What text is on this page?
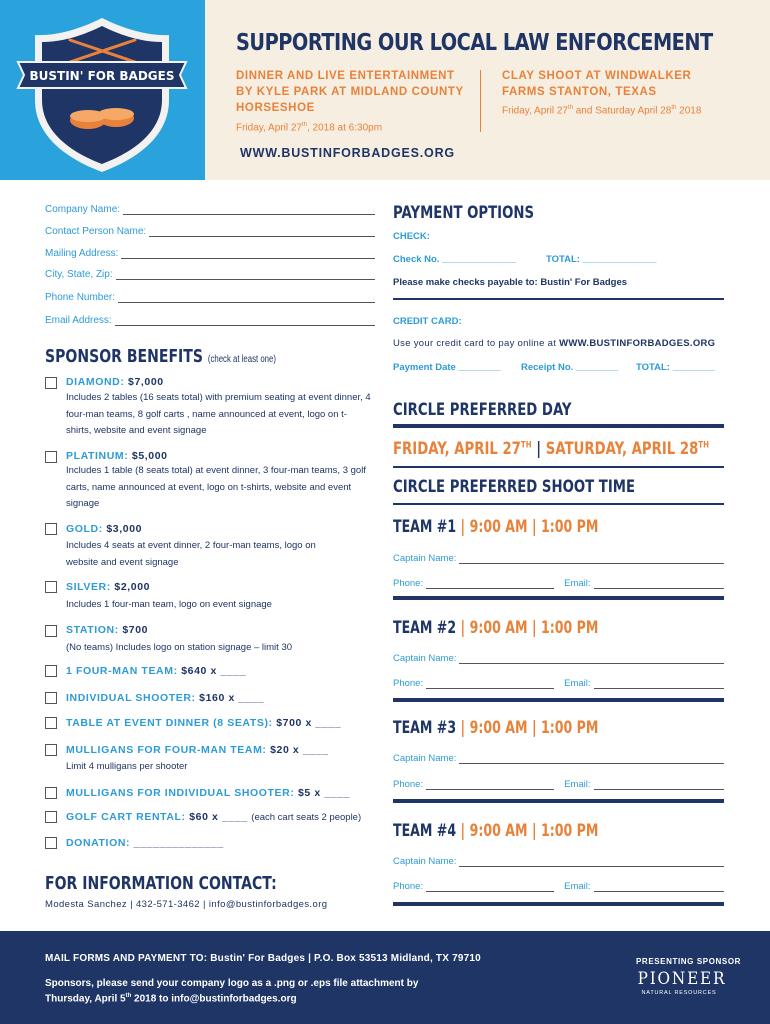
BUSTIN' FOR BADGES
SUPPORTING OUR LOCAL LAW ENFORCEMENT
DINNER AND LIVE ENTERTAINMENT BY KYLE PARK AT MIDLAND COUNTY HORSESHOE
Friday, April 27th, 2018 at 6:30pm
CLAY SHOOT AT WINDWALKER FARMS STANTON, TEXAS
Friday, April 27th and Saturday April 28th 2018
WWW.BUSTINFORBADGES.ORG
Company Name:
Contact Person Name:
Mailing Address:
City, State, Zip:
Phone Number:
Email Address:
SPONSOR BENEFITS (check at least one)
DIAMOND: $7,000
Includes 2 tables (16 seats total) with premium seating at event dinner, 4 four-man teams, 8 golf carts , name announced at event, logo on t-shirts, website and event signage
PLATINUM: $5,000
Includes 1 table (8 seats total) at event dinner, 3 four-man teams, 3 golf carts, name announced at event, logo on t-shirts, website and event signage
GOLD: $3,000
Includes 4 seats at event dinner, 2 four-man teams, logo on website and event signage
SILVER: $2,000
Includes 1 four-man team, logo on event signage
STATION: $700
(No teams) Includes logo on station signage – limit 30
1 FOUR-MAN TEAM: $640 x ____
INDIVIDUAL SHOOTER: $160 x ____
TABLE AT EVENT DINNER (8 SEATS): $700 x ____
MULLIGANS FOR FOUR-MAN TEAM: $20 x ____
Limit 4 mulligans per shooter
MULLIGANS FOR INDIVIDUAL SHOOTER: $5 x ____
GOLF CART RENTAL: $60 x ____ (each cart seats 2 people)
DONATION: ______________
FOR INFORMATION CONTACT:
Modesta Sanchez | 432-571-3462 | info@bustinforbadges.org
PAYMENT OPTIONS
CHECK:
Check No. ______________	TOTAL: ______________
Please make checks payable to: Bustin' For Badges
CREDIT CARD:
Use your credit card to pay online at WWW.BUSTINFORBADGES.ORG
Payment Date ________ Receipt No. ________ TOTAL: ________
CIRCLE PREFERRED DAY
FRIDAY, APRIL 27TH | SATURDAY, APRIL 28TH
CIRCLE PREFERRED SHOOT TIME
TEAM #1 | 9:00 AM | 1:00 PM
Captain Name:
Phone:	Email:
TEAM #2 | 9:00 AM | 1:00 PM
Captain Name:
Phone:	Email:
TEAM #3 | 9:00 AM | 1:00 PM
Captain Name:
Phone:	Email:
TEAM #4 | 9:00 AM | 1:00 PM
Captain Name:
Phone:	Email:
MAIL FORMS AND PAYMENT TO: Bustin' For Badges | P.O. Box 53513 Midland, TX 79710
Sponsors, please send your company logo as a .png or .eps file attachment by
Thursday, April 5th 2018 to info@bustinforbadges.org
PRESENTING SPONSOR
PIONEER
NATURAL RESOURCES
